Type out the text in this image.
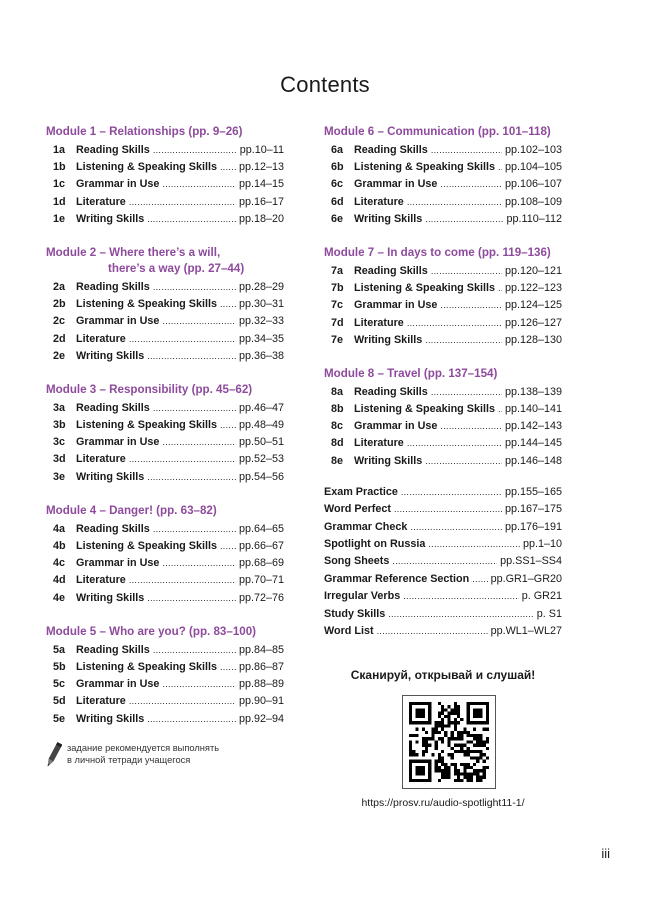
Contents
Module 1 – Relationships (pp. 9–26)
1a	Reading Skills .....	pp.10–11
1b Listening & Speaking Skills ..... pp.12–13
1c	Grammar in Use .....	pp.14–15
1d Literature .....	pp.16–17
1e	Writing Skills .....	pp.18–20
Module 2 – Where there’s a will,
there’s a way (pp. 27–44)
2a	Reading Skills .....	pp.28–29
2b Listening & Speaking Skills ..... pp.30–31
2c	Grammar in Use .....	pp.32–33
2d Literature .....	pp.34–35
2e	Writing Skills .....	pp.36–38
Module 3 – Responsibility (pp. 45–62)
3a	Reading Skills .....	pp.46–47
3b Listening & Speaking Skills ..... pp.48–49
3c	Grammar in Use .....	pp.50–51
3d Literature .....	pp.52–53
3e	Writing Skills .....	pp.54–56
Module 4 – Danger! (pp. 63–82)
4a	Reading Skills .....	pp.64–65
4b Listening & Speaking Skills ..... pp.66–67
4c	Grammar in Use .....	pp.68–69
4d Literature .....	pp.70–71
4e	Writing Skills .....	pp.72–76
Module 5 – Who are you? (pp. 83–100)
5a	Reading Skills .....	pp.84–85
5b Listening & Speaking Skills ..... pp.86–87
5c	Grammar in Use .....	pp.88–89
5d Literature .....	pp.90–91
5e	Writing Skills .....	pp.92–94
Module 6 – Communication (pp. 101–118)
6a	Reading Skills .....	pp.102–103
6b Listening & Speaking Skills ..... pp.104–105
6c	Grammar in Use .....	pp.106–107
6d Literature .....	pp.108–109
6e	Writing Skills .....	pp.110–112
Module 7 – In days to come (pp. 119–136)
7a	Reading Skills .....	pp.120–121
7b Listening & Speaking Skills ..... pp.122–123
7c	Grammar in Use .....	pp.124–125
7d Literature .....	pp.126–127
7e	Writing Skills .....	pp.128–130
Module 8 – Travel (pp. 137–154)
8a	Reading Skills .....	pp.138–139
8b Listening & Speaking Skills ..... pp.140–141
8c	Grammar in Use .....	pp.142–143
8d Literature .....	pp.144–145
8e	Writing Skills .....	pp.146–148
Exam Practice .....	pp.155–165
Word Perfect .....	pp.167–175
Grammar Check .....	pp.176–191
Spotlight on Russia .....	pp.1–10
Song Sheets .....	pp.SS1–SS4
Grammar Reference Section ..... pp.GR1–GR20
Irregular Verbs .....	p. GR21
Study Skills .....	p. S1
Word List .....	pp.WL1–WL27
задание рекомендуется выполнять
в личной тетради учащегося
Сканируй, открывай и слушай!
https://prosv.ru/audio-spotlight11-1/
iii
